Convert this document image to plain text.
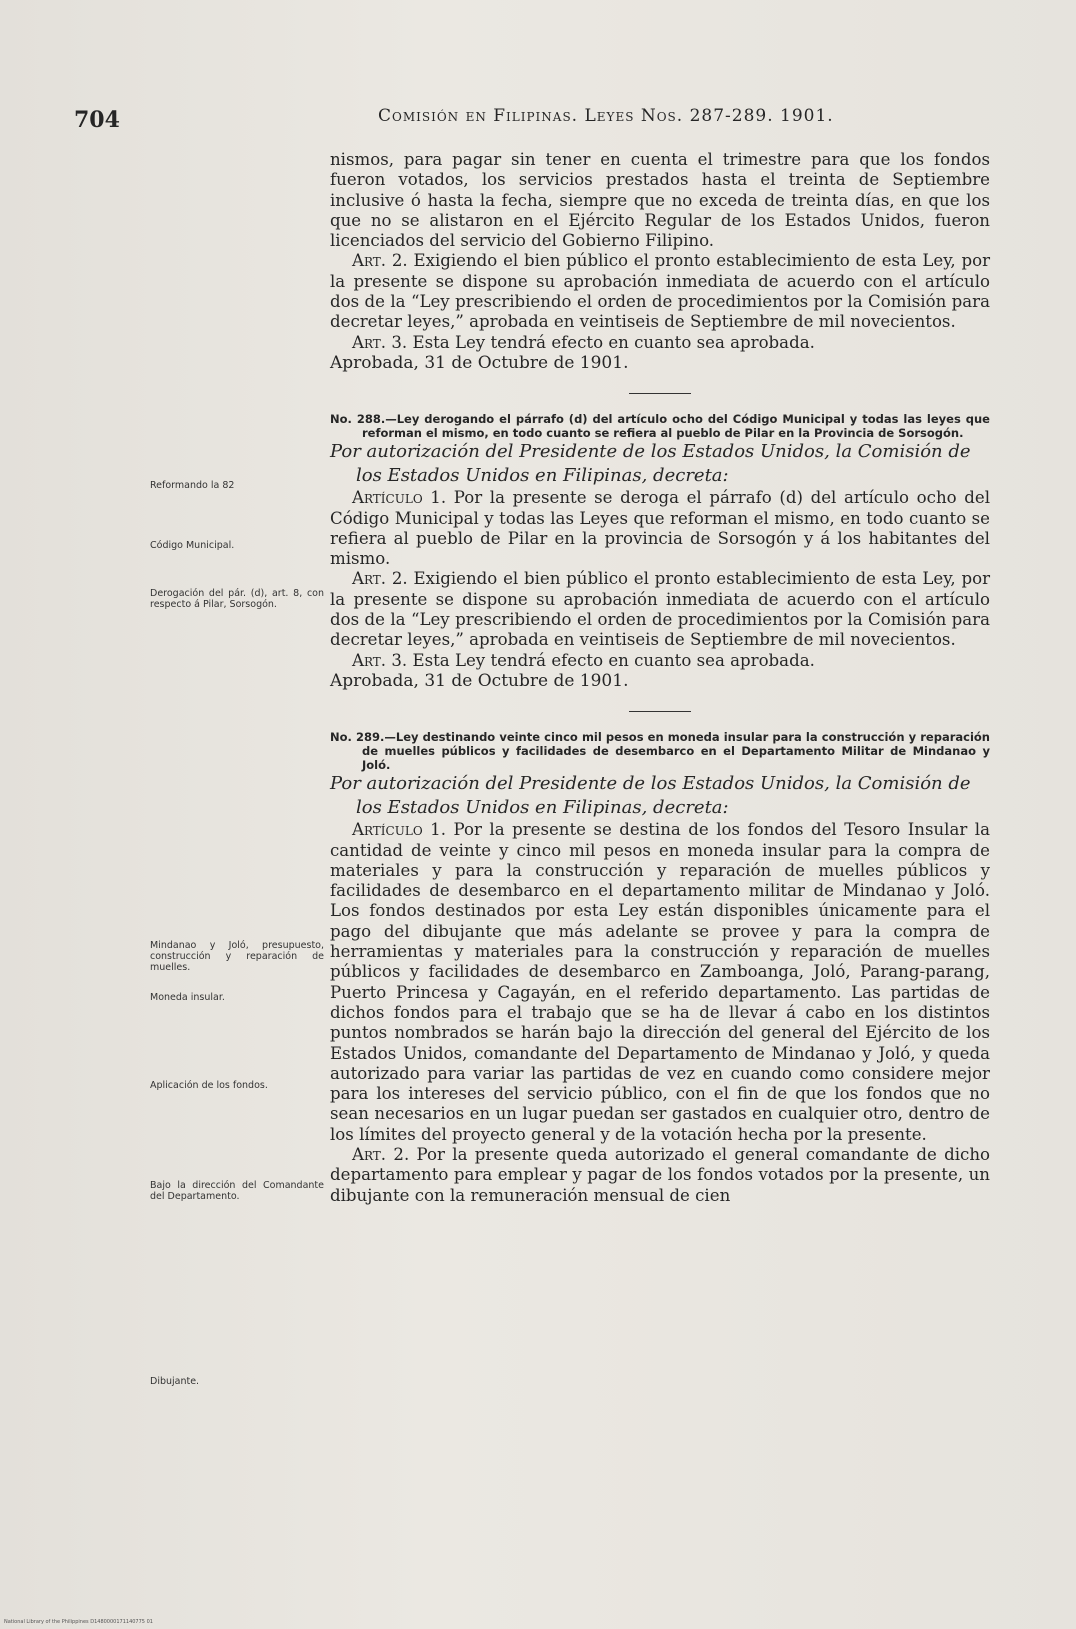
704	Comisión en Filipinas. Leyes Nos. 287-289. 1901.

nismos, para pagar sin tener en cuenta el trimestre para que los fondos fueron votados, los servicios prestados hasta el treinta de Septiembre inclusive ó hasta la fecha, siempre que no exceda de treinta días, en que los que no se alistaron en el Ejército Regular de los Estados Unidos, fueron licenciados del servicio del Gobierno Filipino.

Art. 2. Exigiendo el bien público el pronto establecimiento de esta Ley, por la presente se dispone su aprobación inmediata de acuerdo con el artículo dos de la “Ley prescribiendo el orden de procedimientos por la Comisión para decretar leyes,” aprobada en veintiseis de Septiembre de mil novecientos.

Art. 3. Esta Ley tendrá efecto en cuanto sea aprobada.

Aprobada, 31 de Octubre de 1901.

No. 288.—Ley derogando el párrafo (d) del artículo ocho del Código Municipal y todas las leyes que reforman el mismo, en todo cuanto se refiera al pueblo de Pilar en la Provincia de Sorsogón.

Por autorización del Presidente de los Estados Unidos, la Comisión de los Estados Unidos en Filipinas, decreta:

Artículo 1. Por la presente se deroga el párrafo (d) del artículo ocho del Código Municipal y todas las Leyes que reforman el mismo, en todo cuanto se refiera al pueblo de Pilar en la provincia de Sorsogón y á los habitantes del mismo.

Art. 2. Exigiendo el bien público el pronto establecimiento de esta Ley, por la presente se dispone su aprobación inmediata de acuerdo con el artículo dos de la “Ley prescribiendo el orden de procedimientos por la Comisión para decretar leyes,” aprobada en veintiseis de Septiembre de mil novecientos.

Art. 3. Esta Ley tendrá efecto en cuanto sea aprobada.

Aprobada, 31 de Octubre de 1901.

No. 289.—Ley destinando veinte cinco mil pesos en moneda insular para la construcción y reparación de muelles públicos y facilidades de desembarco en el Departamento Militar de Mindanao y Joló.

Por autorización del Presidente de los Estados Unidos, la Comisión de los Estados Unidos en Filipinas, decreta:

Artículo 1. Por la presente se destina de los fondos del Tesoro Insular la cantidad de veinte y cinco mil pesos en moneda insular para la compra de materiales y para la construcción y reparación de muelles públicos y facilidades de desembarco en el departamento militar de Mindanao y Joló. Los fondos destinados por esta Ley están disponibles únicamente para el pago del dibujante que más adelante se provee y para la compra de herramientas y materiales para la construcción y reparación de muelles públicos y facilidades de desembarco en Zamboanga, Joló, Parang-parang, Puerto Princesa y Cagayán, en el referido departamento. Las partidas de dichos fondos para el trabajo que se ha de llevar á cabo en los distintos puntos nombrados se harán bajo la dirección del general del Ejército de los Estados Unidos, comandante del Departamento de Mindanao y Joló, y queda autorizado para variar las partidas de vez en cuando como considere mejor para los intereses del servicio público, con el fin de que los fondos que no sean necesarios en un lugar puedan ser gastados en cualquier otro, dentro de los límites del proyecto general y de la votación hecha por la presente.

Art. 2. Por la presente queda autorizado el general comandante de dicho departamento para emplear y pagar de los fondos votados por la presente, un dibujante con la remuneración mensual de cien

Reformando la 82
Código Municipal.
Derogación del pár. (d), art. 8, con respecto á Pilar, Sorsogón.
Mindanao y Joló, presupuesto, construcción y reparación de muelles.
Moneda insular.
Aplicación de los fondos.
Bajo la dirección del Comandante del Departamento.
Dibujante.
National Library of the Philippines D1480000171140775 01
